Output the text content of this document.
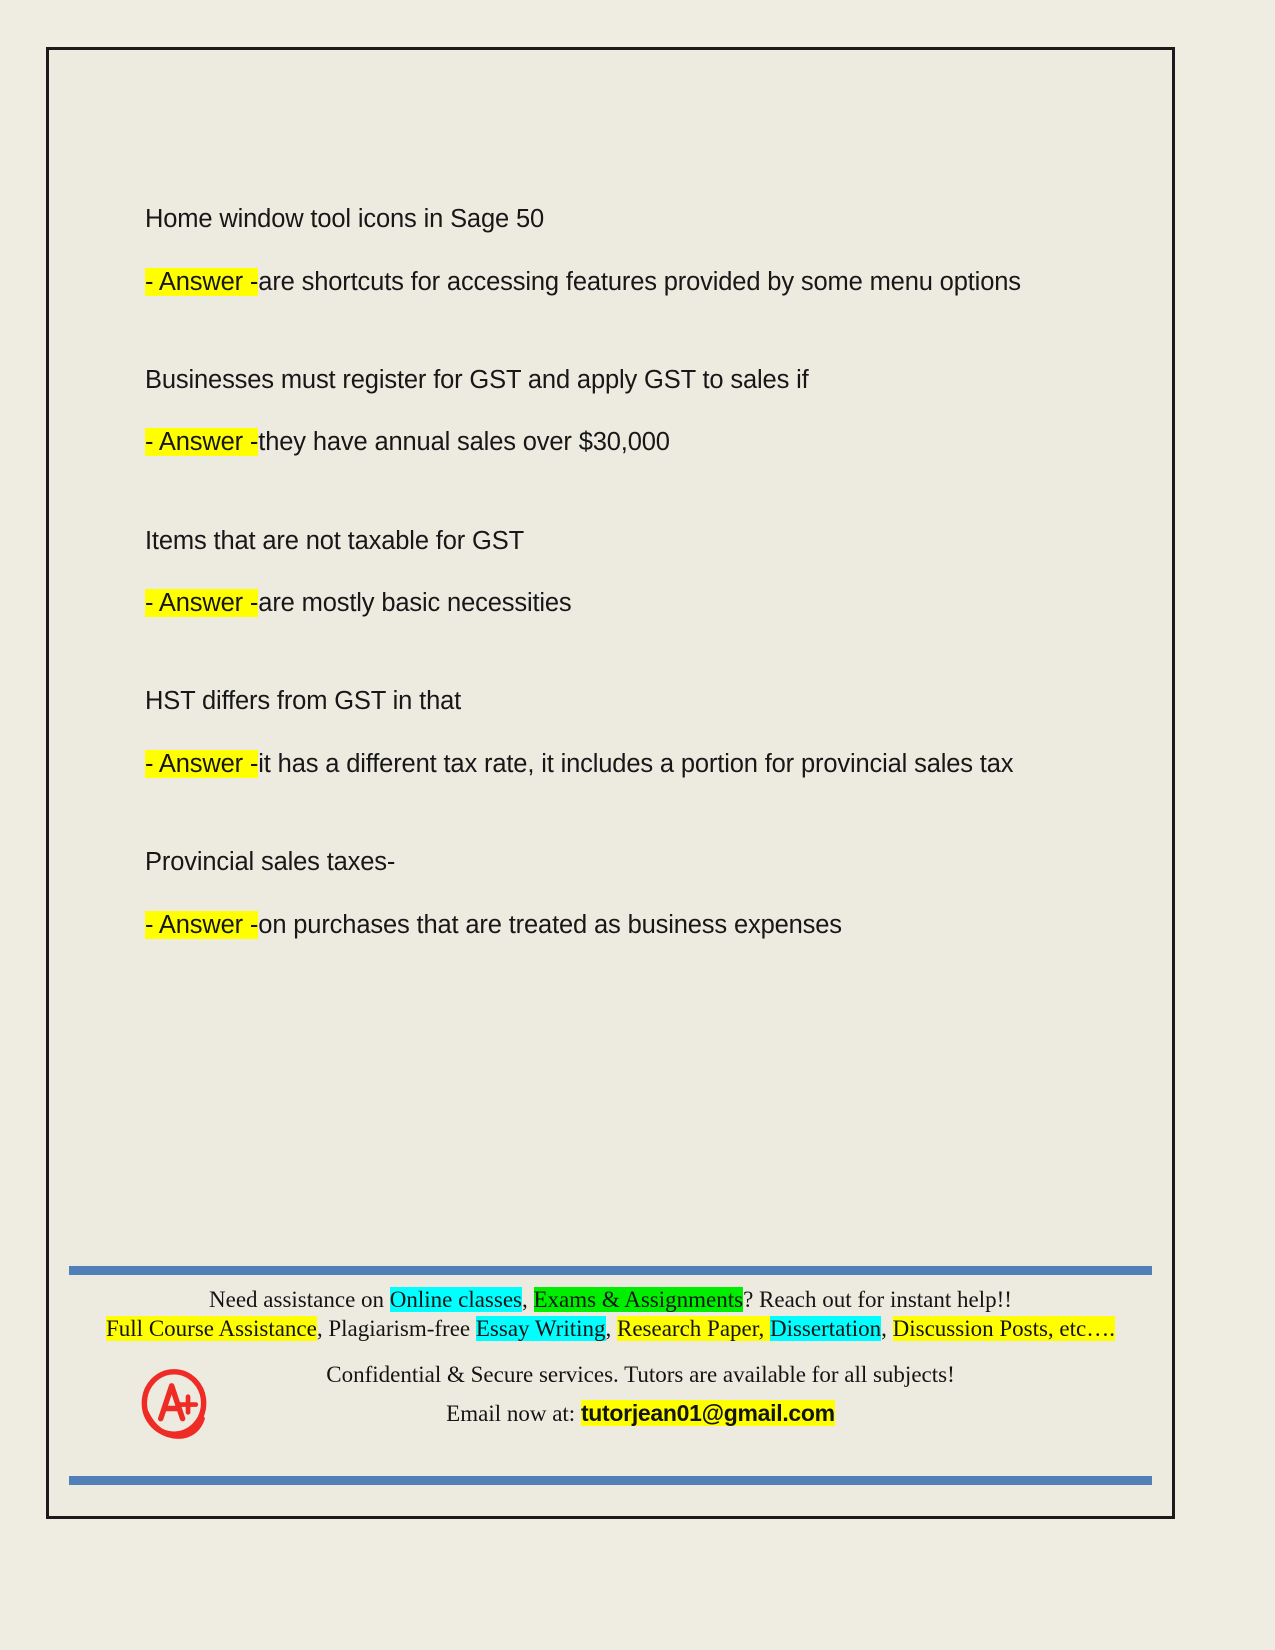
Home window tool icons in Sage 50

- Answer -are shortcuts for accessing features provided by some menu options

Businesses must register for GST and apply GST to sales if

- Answer -they have annual sales over $30,000

Items that are not taxable for GST

- Answer -are mostly basic necessities

HST differs from GST in that

- Answer -it has a different tax rate, it includes a portion for provincial sales tax

Provincial sales taxes-

- Answer -on purchases that are treated as business expenses

Need assistance on Online classes, Exams & Assignments? Reach out for instant help!!
Full Course Assistance, Plagiarism-free Essay Writing, Research Paper, Dissertation, Discussion Posts, etc….
Confidential & Secure services. Tutors are available for all subjects!
Email now at: tutorjean01@gmail.com
